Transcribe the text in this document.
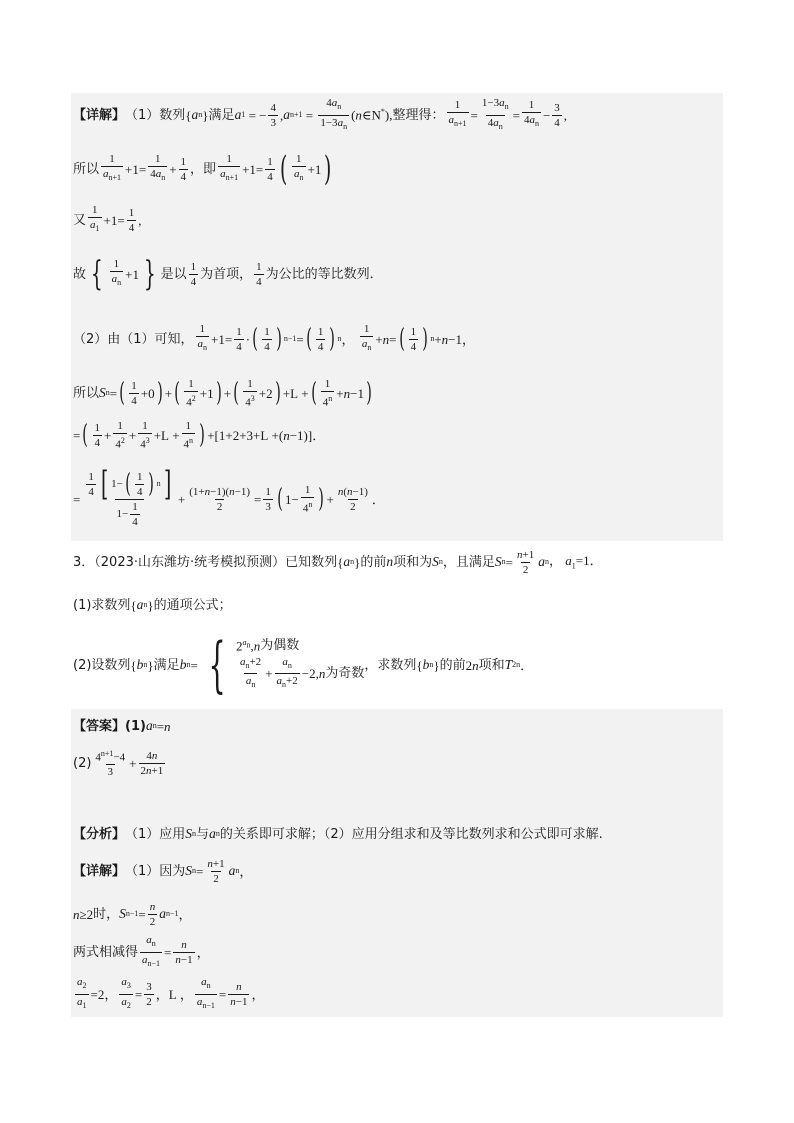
【详解】 （1）数列 { a n } 满足 a 1 = − $\frac{4}{3}$ , a $n+1 = \frac{4a_n}{1-3a_n}$ (n∈N*), 整理得： $\frac{1}{a_{n+1}} = \frac{1-3a_n}{4a_n} = \frac{1}{4a_n} - \frac{3}{4}$ ,
所以
1
$a_{n+1}$
$+1= \frac{1}{4a_n} + \frac{1}{4}$ ，即
1
$a_{n+1}$
$+1= \frac{1}{4}$ ( 1
$a_n$
+1 )
又
1
$a_1$
$+1= \frac{1}{4}$ ,
故 { 1
$a_n$
+1 } 是以 1
4 为首项， 1
4 为公比的等比数列．
（2）由（1）可知，
1
$a_n$
$+1= \frac{1}{4}$ · ( 1
4 ) n−1 = ( 1
4 ) n ，
1
$a_n$
+n= ( 1
4 ) n +n−1，
所以 S n = ( 1
4 +0 ) + ( 1
$4^2 +1$ ) + ( 1
$4^3 +2$ ) +L + ( 1
$4^n +n-1$ )
= ( 1
$4 + \frac{1}{4^2} + \frac{1}{4^3} +L + \frac{1}{4^n}$ ) +[1+2+3+L +(n−1)]．
= 1
4 [ 1− ( 1
4 ) n ]
1−
1
$4 + \frac{(1+n-1)(n-1)}{2} = \frac{1}{3}$ ( $1- \frac{1}{4^n}$ ) + $\frac{n(n-1)}{2}$ ．
3．（2023·山东潍坊·统考模拟预测）已知数列 { a n } 的前 n 项和为 S n ，且满足 S $n = \frac{n+1}{2}$ a n ， $a_1=1$．
(1)求数列 { a n } 的通项公式；
(2)设数列 { b n } 满足 b n = { $2^{a_n},n$ 为偶数
$a_n+2$
$a_n$
+ $\frac{a_n}{a_n+2} -2,n$ 为奇数
，求数列 { b n } 的前 2n 项和 T 2n ．
【答案】 (1) a n =n
(2) $4^{n+1}-4$
3
+ $\frac{4n}{2n+1}$
【分析】 （1）应用 S n 与 a n 的关系即可求解；（2）应用分组求和及等比数列求和公式即可求解.
【详解】 （1）因为 S $n = \frac{n+1}{2}$ a n ，
n≥2 时， S $n-1 = \frac{n}{2}$ a n−1 ，
两式相减得 $\frac{a_n}{a_{n-1}} = \frac{n}{n-1}$ ，
$\frac{a_2}{a_1} =2$， $\frac{a_3}{a_2} = \frac{3}{2}$ ，L ， $\frac{a_n}{a_{n-1}} = \frac{n}{n-1}$ ，
